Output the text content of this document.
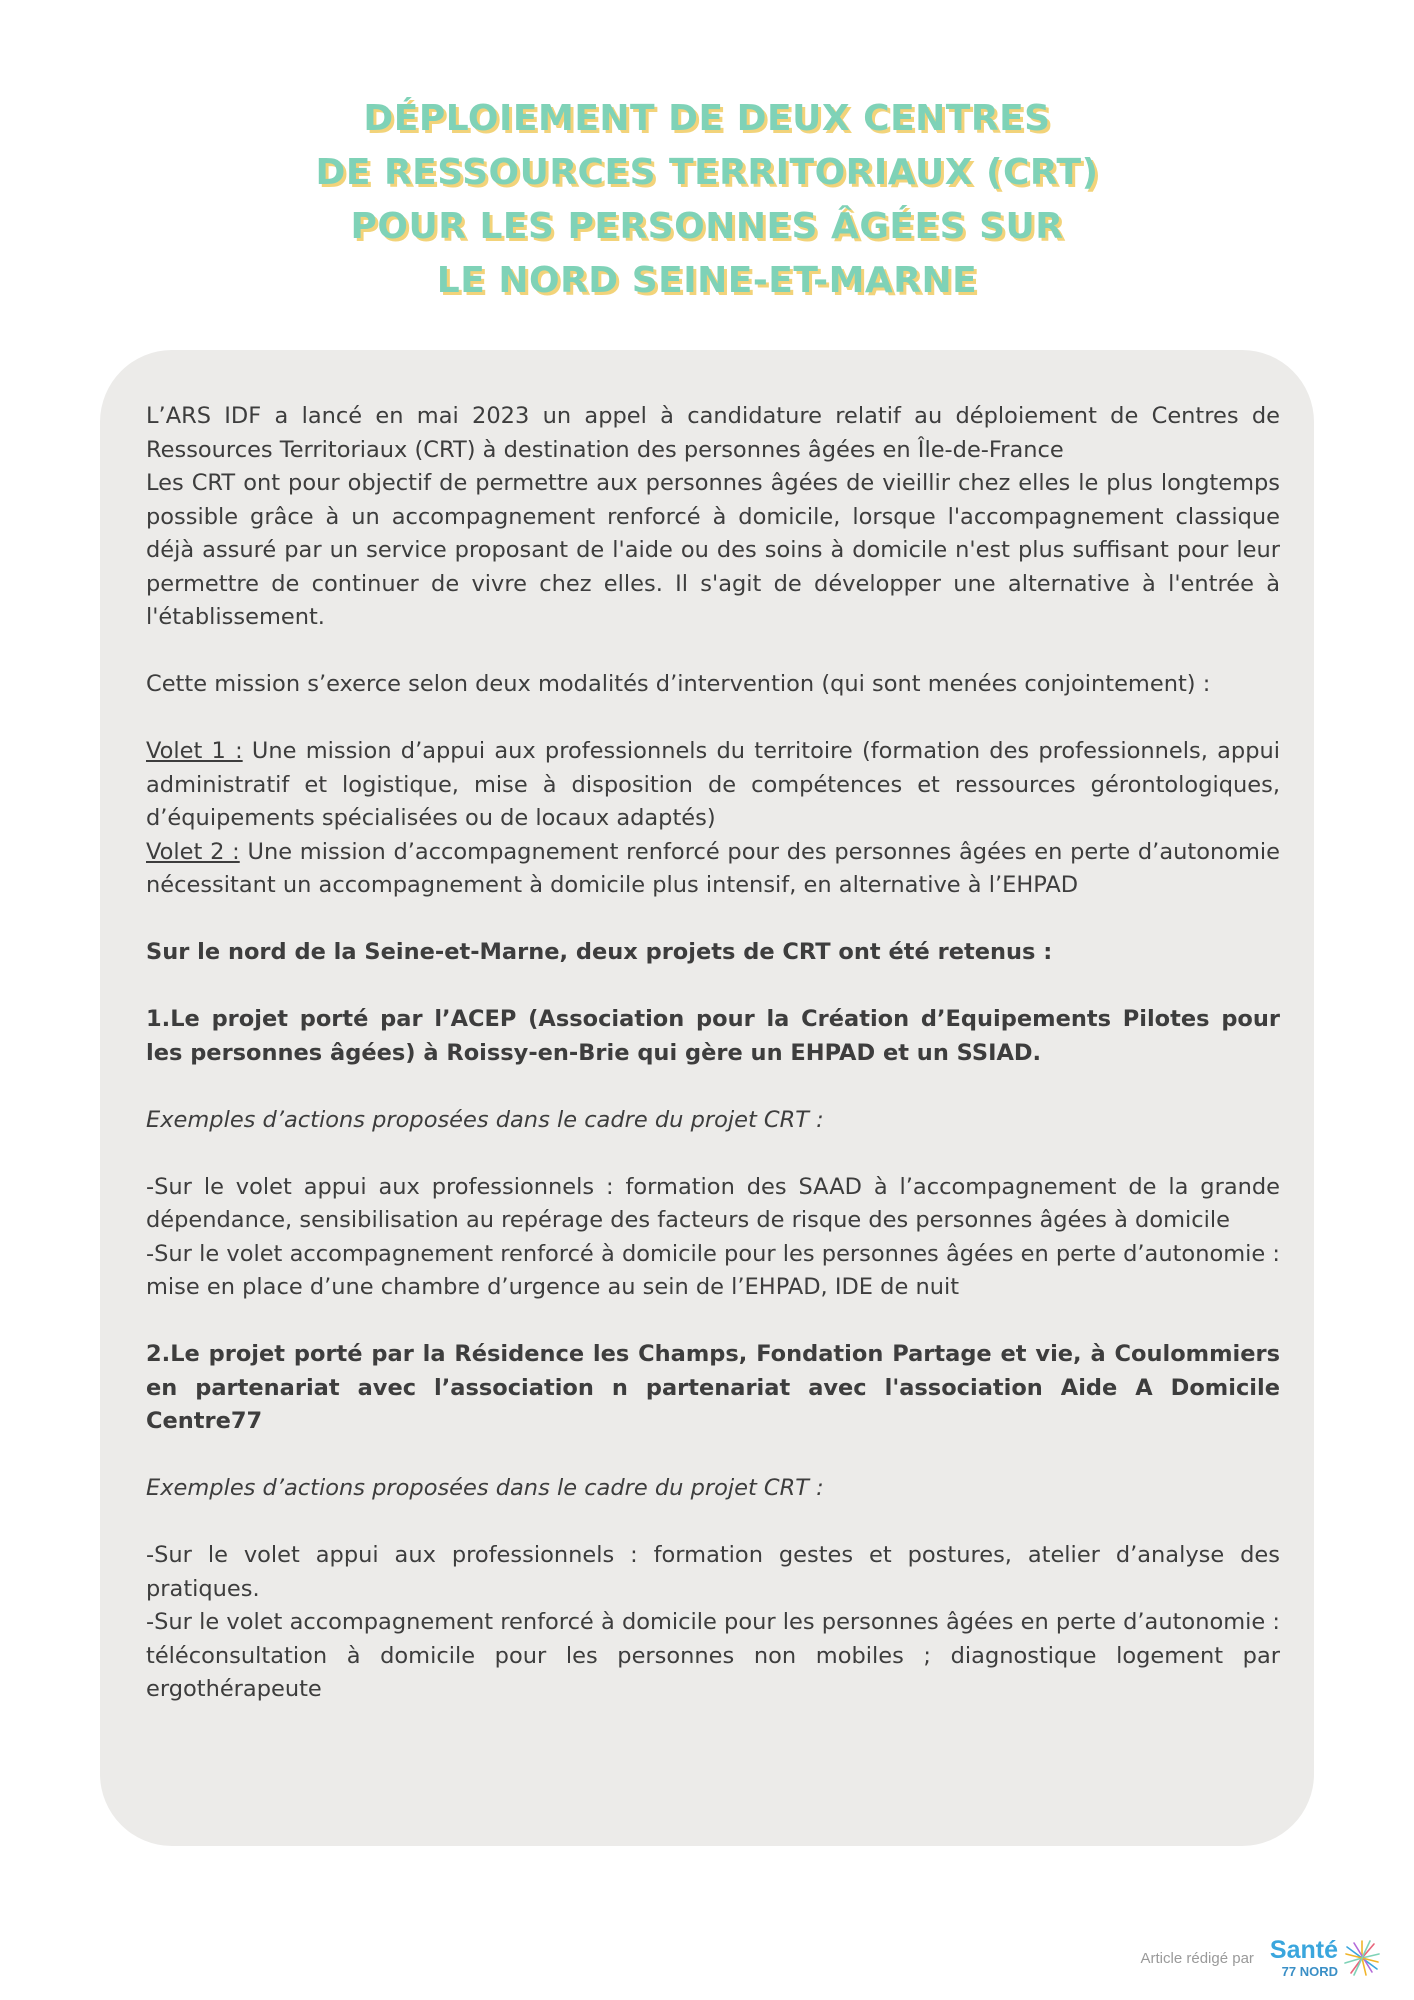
DÉPLOIEMENT DE DEUX CENTRES
DE RESSOURCES TERRITORIAUX (CRT)
POUR LES PERSONNES ÂGÉES SUR
LE NORD SEINE-ET-MARNE

L’ARS IDF a lancé en mai 2023 un appel à candidature relatif au déploiement de Centres de Ressources Territoriaux (CRT) à destination des personnes âgées en Île-de-France

Les CRT ont pour objectif de permettre aux personnes âgées de vieillir chez elles le plus longtemps possible grâce à un accompagnement renforcé à domicile, lorsque l'accompagnement classique déjà assuré par un service proposant de l'aide ou des soins à domicile n'est plus suffisant pour leur permettre de continuer de vivre chez elles. Il s'agit de développer une alternative à l'entrée à l'établissement.

Cette mission s’exerce selon deux modalités d’intervention (qui sont menées conjointement) :

Volet 1 : Une mission d’appui aux professionnels du territoire (formation des professionnels, appui administratif et logistique, mise à disposition de compétences et ressources gérontologiques, d’équipements spécialisées ou de locaux adaptés)

Volet 2 : Une mission d’accompagnement renforcé pour des personnes âgées en perte d’autonomie nécessitant un accompagnement à domicile plus intensif, en alternative à l’EHPAD

Sur le nord de la Seine-et-Marne, deux projets de CRT ont été retenus :

1.Le projet porté par l’ACEP (Association pour la Création d’Equipements Pilotes pour les personnes âgées) à Roissy-en-Brie qui gère un EHPAD et un SSIAD.

Exemples d’actions proposées dans le cadre du projet CRT :

-Sur le volet appui aux professionnels : formation des SAAD à l’accompagnement de la grande dépendance, sensibilisation au repérage des facteurs de risque des personnes âgées à domicile

-Sur le volet accompagnement renforcé à domicile pour les personnes âgées en perte d’autonomie : mise en place d’une chambre d’urgence au sein de l’EHPAD, IDE de nuit

2.Le projet porté par la Résidence les Champs, Fondation Partage et vie, à Coulommiers en partenariat avec l’association n partenariat avec l'association Aide A Domicile Centre77

Exemples d’actions proposées dans le cadre du projet CRT :

-Sur le volet appui aux professionnels : formation gestes et postures, atelier d’analyse des pratiques.

-Sur le volet accompagnement renforcé à domicile pour les personnes âgées en perte d’autonomie : téléconsultation à domicile pour les personnes non mobiles ; diagnostique logement par ergothérapeute

Article rédigé par Santé
77 NORD
